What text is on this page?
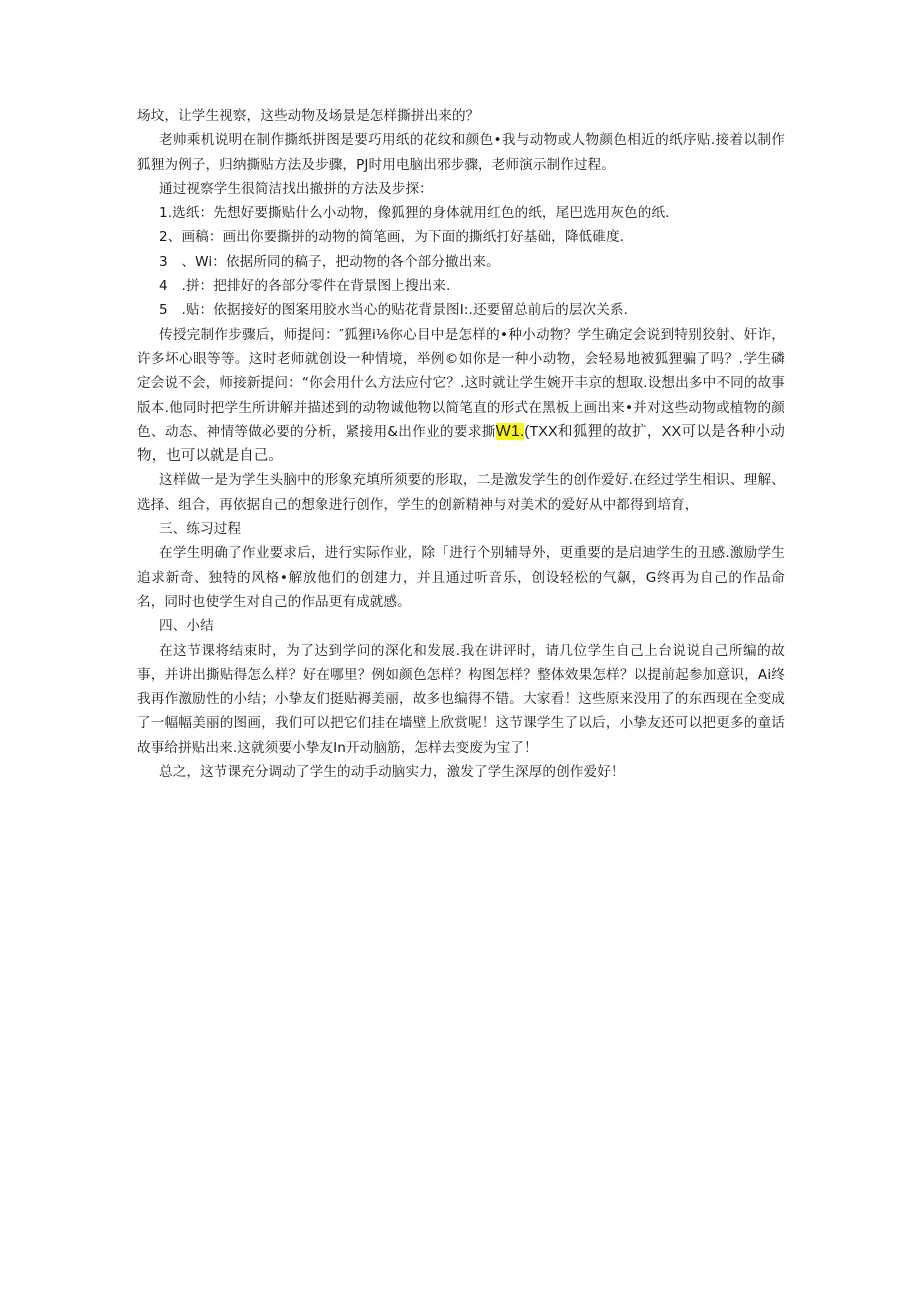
场坟，让学生视察，这些动物及场景是怎样撕拼出来的？

老帅乘机说明在制作撕纸拼图是要巧用纸的花纹和颜色•我与动物或人物颜色相近的纸序贴.接着以制作狐狸为例子，归纳撕贴方法及步骤，PJ时用电脑出邪步骤，老师演示制作过程。

通过视察学生很简洁找出撤拼的方法及步探：

1.选纸：先想好要撕贴什么小动物，像狐狸的身体就用红色的纸，尾巴选用灰色的纸.

2、画稿：画出你要撕拼的动物的简笔画，为下面的撕纸打好基础，降低碓度.

3　、Wi：依据所同的稿子，把动物的各个部分撤出来。

4　.拼：把排好的各部分零件在背景图上搜出来.

5　.贴：依据接好的图案用胶水当心的贴花背景图I:.还要留总前后的层次关系.

传授完制作步骤后，师提问：″狐狸i⅛你心目中是怎样的•种小动物？学生确定会说到特别狡射、奸诈，许多坏心眼等等。这时老师就创设一种情境，举例©如你是一种小动物，会轻易地被狐狸骗了吗？.学生磷定会说不会，师接新提问：“你会用什么方法应付它？.这时就让学生婉开丰京的想取.设想出多中不同的故事版本.他同时把学生所讲解并描述到的动物诚他物以简笔直的形式在黑板上画出来•并对这些动物或植物的颜色、动态、神情等做必要的分析，紧接用&出作业的要求撕W1.(TXX和狐狸的故扩，XX可以是各种小动物，也可以就是自己。

这样做一是为学生头脑中的形象充填所须要的形取，二是激发学生的创作爱好.在经过学生相识、理解、选择、组合，再依据自己的想象进行创作，学生的创新精神与对美术的爱好从中都得到培育，

三、练习过程

在学生明确了作业要求后，进行实际作业，除「进行个别辅导外，更重要的是启迪学生的丑感.激励学生追求新奇、独特的风格•解放他们的创建力，并且通过听音乐，创设轻松的气飙，G终再为自己的作品命名，同时也使学生对自己的作品更有成就感。

四、小结

在这节课将结束时，为了达到学问的深化和发展.我在讲评时，请几位学生自己上台说说自己所编的故事，并讲出撕贴得怎么样？好在哪里？例如颜色怎样？构图怎样？整体效果怎样？以提前起参加意识，Ai终我再作激励性的小结；小挚友们挺贴褥美丽，故多也编得不错。大家看！这些原来没用了的东西现在全变成了一幅幅美丽的图画，我们可以把它们挂在墙壁上欣赏呢！这节课学生了以后，小挚友还可以把更多的童话故事给拼贴出来.这就须要小挚友In开动脑筋，怎样去变废为宝了！

总之，这节课充分调动了学生的动手动脑实力，激发了学生深厚的创作爱好！
